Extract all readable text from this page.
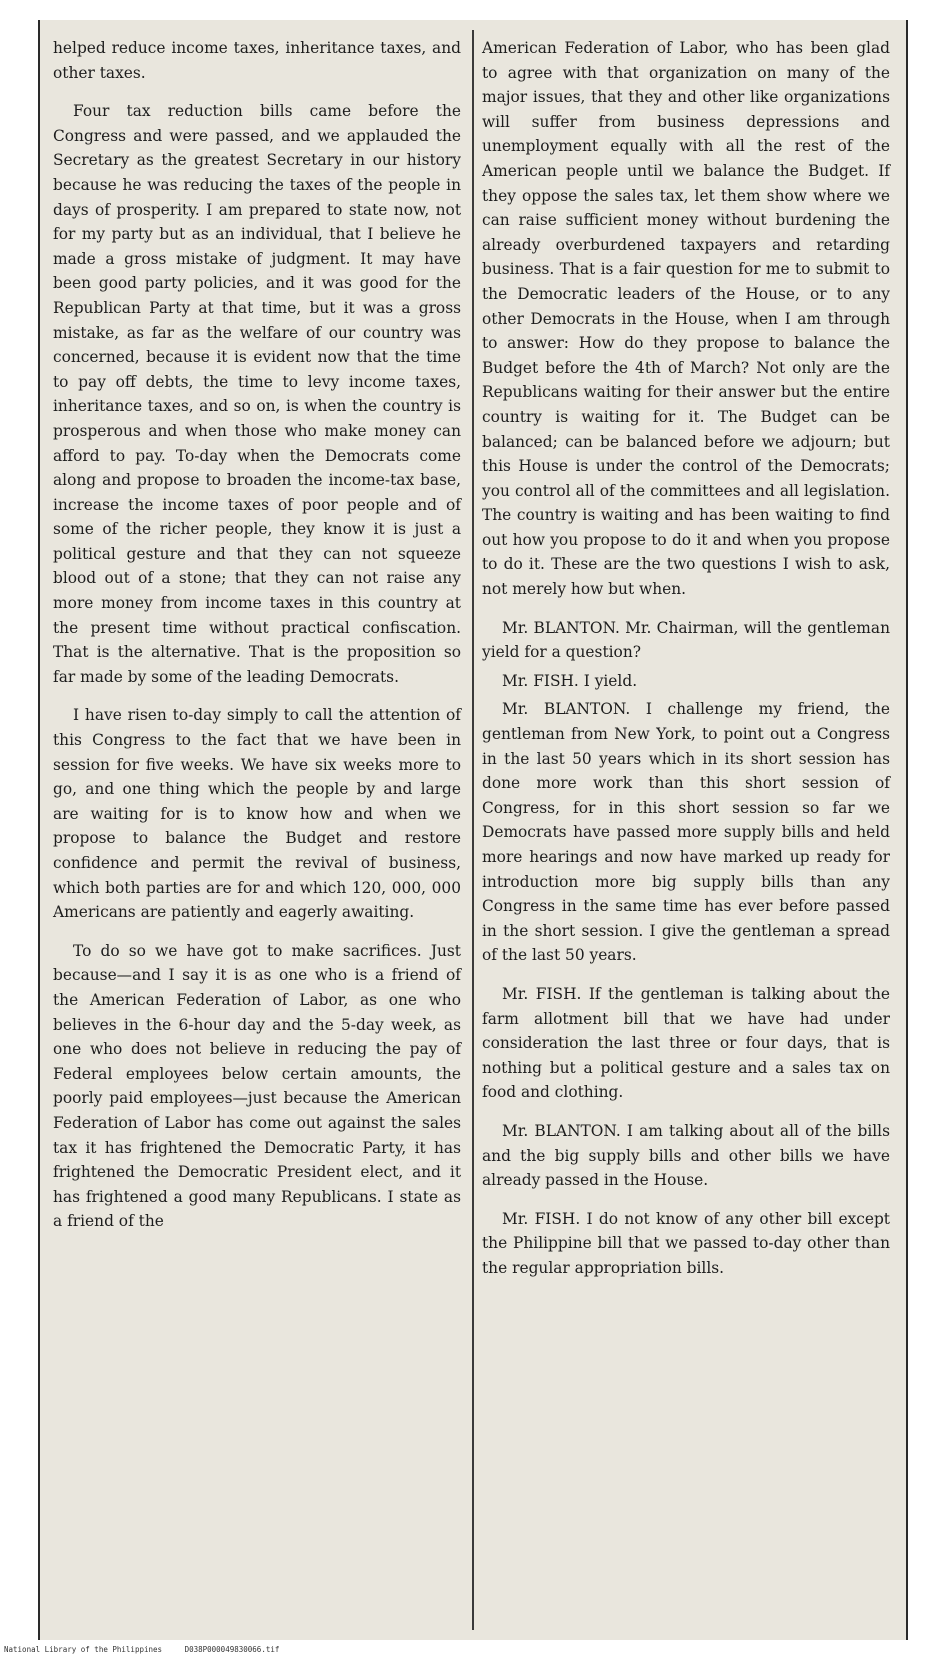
helped reduce income taxes, inheritance taxes, and other taxes.

Four tax reduction bills came before the Congress and were passed, and we applauded the Secretary as the greatest Secretary in our history because he was reducing the taxes of the people in days of prosperity. I am prepared to state now, not for my party but as an individual, that I believe he made a gross mistake of judgment. It may have been good party policies, and it was good for the Republican Party at that time, but it was a gross mistake, as far as the welfare of our country was concerned, because it is evident now that the time to pay off debts, the time to levy income taxes, inheritance taxes, and so on, is when the country is prosperous and when those who make money can afford to pay. To-day when the Democrats come along and propose to broaden the income-tax base, increase the income taxes of poor people and of some of the richer people, they know it is just a political gesture and that they can not squeeze blood out of a stone; that they can not raise any more money from income taxes in this country at the present time without practical confiscation. That is the alternative. That is the proposition so far made by some of the leading Democrats.

I have risen to-day simply to call the attention of this Congress to the fact that we have been in session for five weeks. We have six weeks more to go, and one thing which the people by and large are waiting for is to know how and when we propose to balance the Budget and restore confidence and permit the revival of business, which both parties are for and which 120, 000, 000 Americans are patiently and eagerly awaiting.

To do so we have got to make sacrifices. Just because—and I say it is as one who is a friend of the American Federation of Labor, as one who believes in the 6-hour day and the 5-day week, as one who does not believe in reducing the pay of Federal employees below certain amounts, the poorly paid employees—just because the American Federation of Labor has come out against the sales tax it has frightened the Democratic Party, it has frightened the Democratic President elect, and it has frightened a good many Republicans. I state as a friend of the

American Federation of Labor, who has been glad to agree with that organization on many of the major issues, that they and other like organizations will suffer from business depressions and unemployment equally with all the rest of the American people until we balance the Budget. If they oppose the sales tax, let them show where we can raise sufficient money without burdening the already overburdened taxpayers and retarding business. That is a fair question for me to submit to the Democratic leaders of the House, or to any other Democrats in the House, when I am through to answer: How do they propose to balance the Budget before the 4th of March? Not only are the Republicans waiting for their answer but the entire country is waiting for it. The Budget can be balanced; can be balanced before we adjourn; but this House is under the control of the Democrats; you control all of the committees and all legislation. The country is waiting and has been waiting to find out how you propose to do it and when you propose to do it. These are the two questions I wish to ask, not merely how but when.

Mr. BLANTON. Mr. Chairman, will the gentleman yield for a question?

Mr. FISH. I yield.

Mr. BLANTON. I challenge my friend, the gentleman from New York, to point out a Congress in the last 50 years which in its short session has done more work than this short session of Congress, for in this short session so far we Democrats have passed more supply bills and held more hearings and now have marked up ready for introduction more big supply bills than any Congress in the same time has ever before passed in the short session. I give the gentleman a spread of the last 50 years.

Mr. FISH. If the gentleman is talking about the farm allotment bill that we have had under consideration the last three or four days, that is nothing but a political gesture and a sales tax on food and clothing.

Mr. BLANTON. I am talking about all of the bills and the big supply bills and other bills we have already passed in the House.

Mr. FISH. I do not know of any other bill except the Philippine bill that we passed to-day other than the regular appropriation bills.

National Library of the Philippines	D038P000049830066.tif
